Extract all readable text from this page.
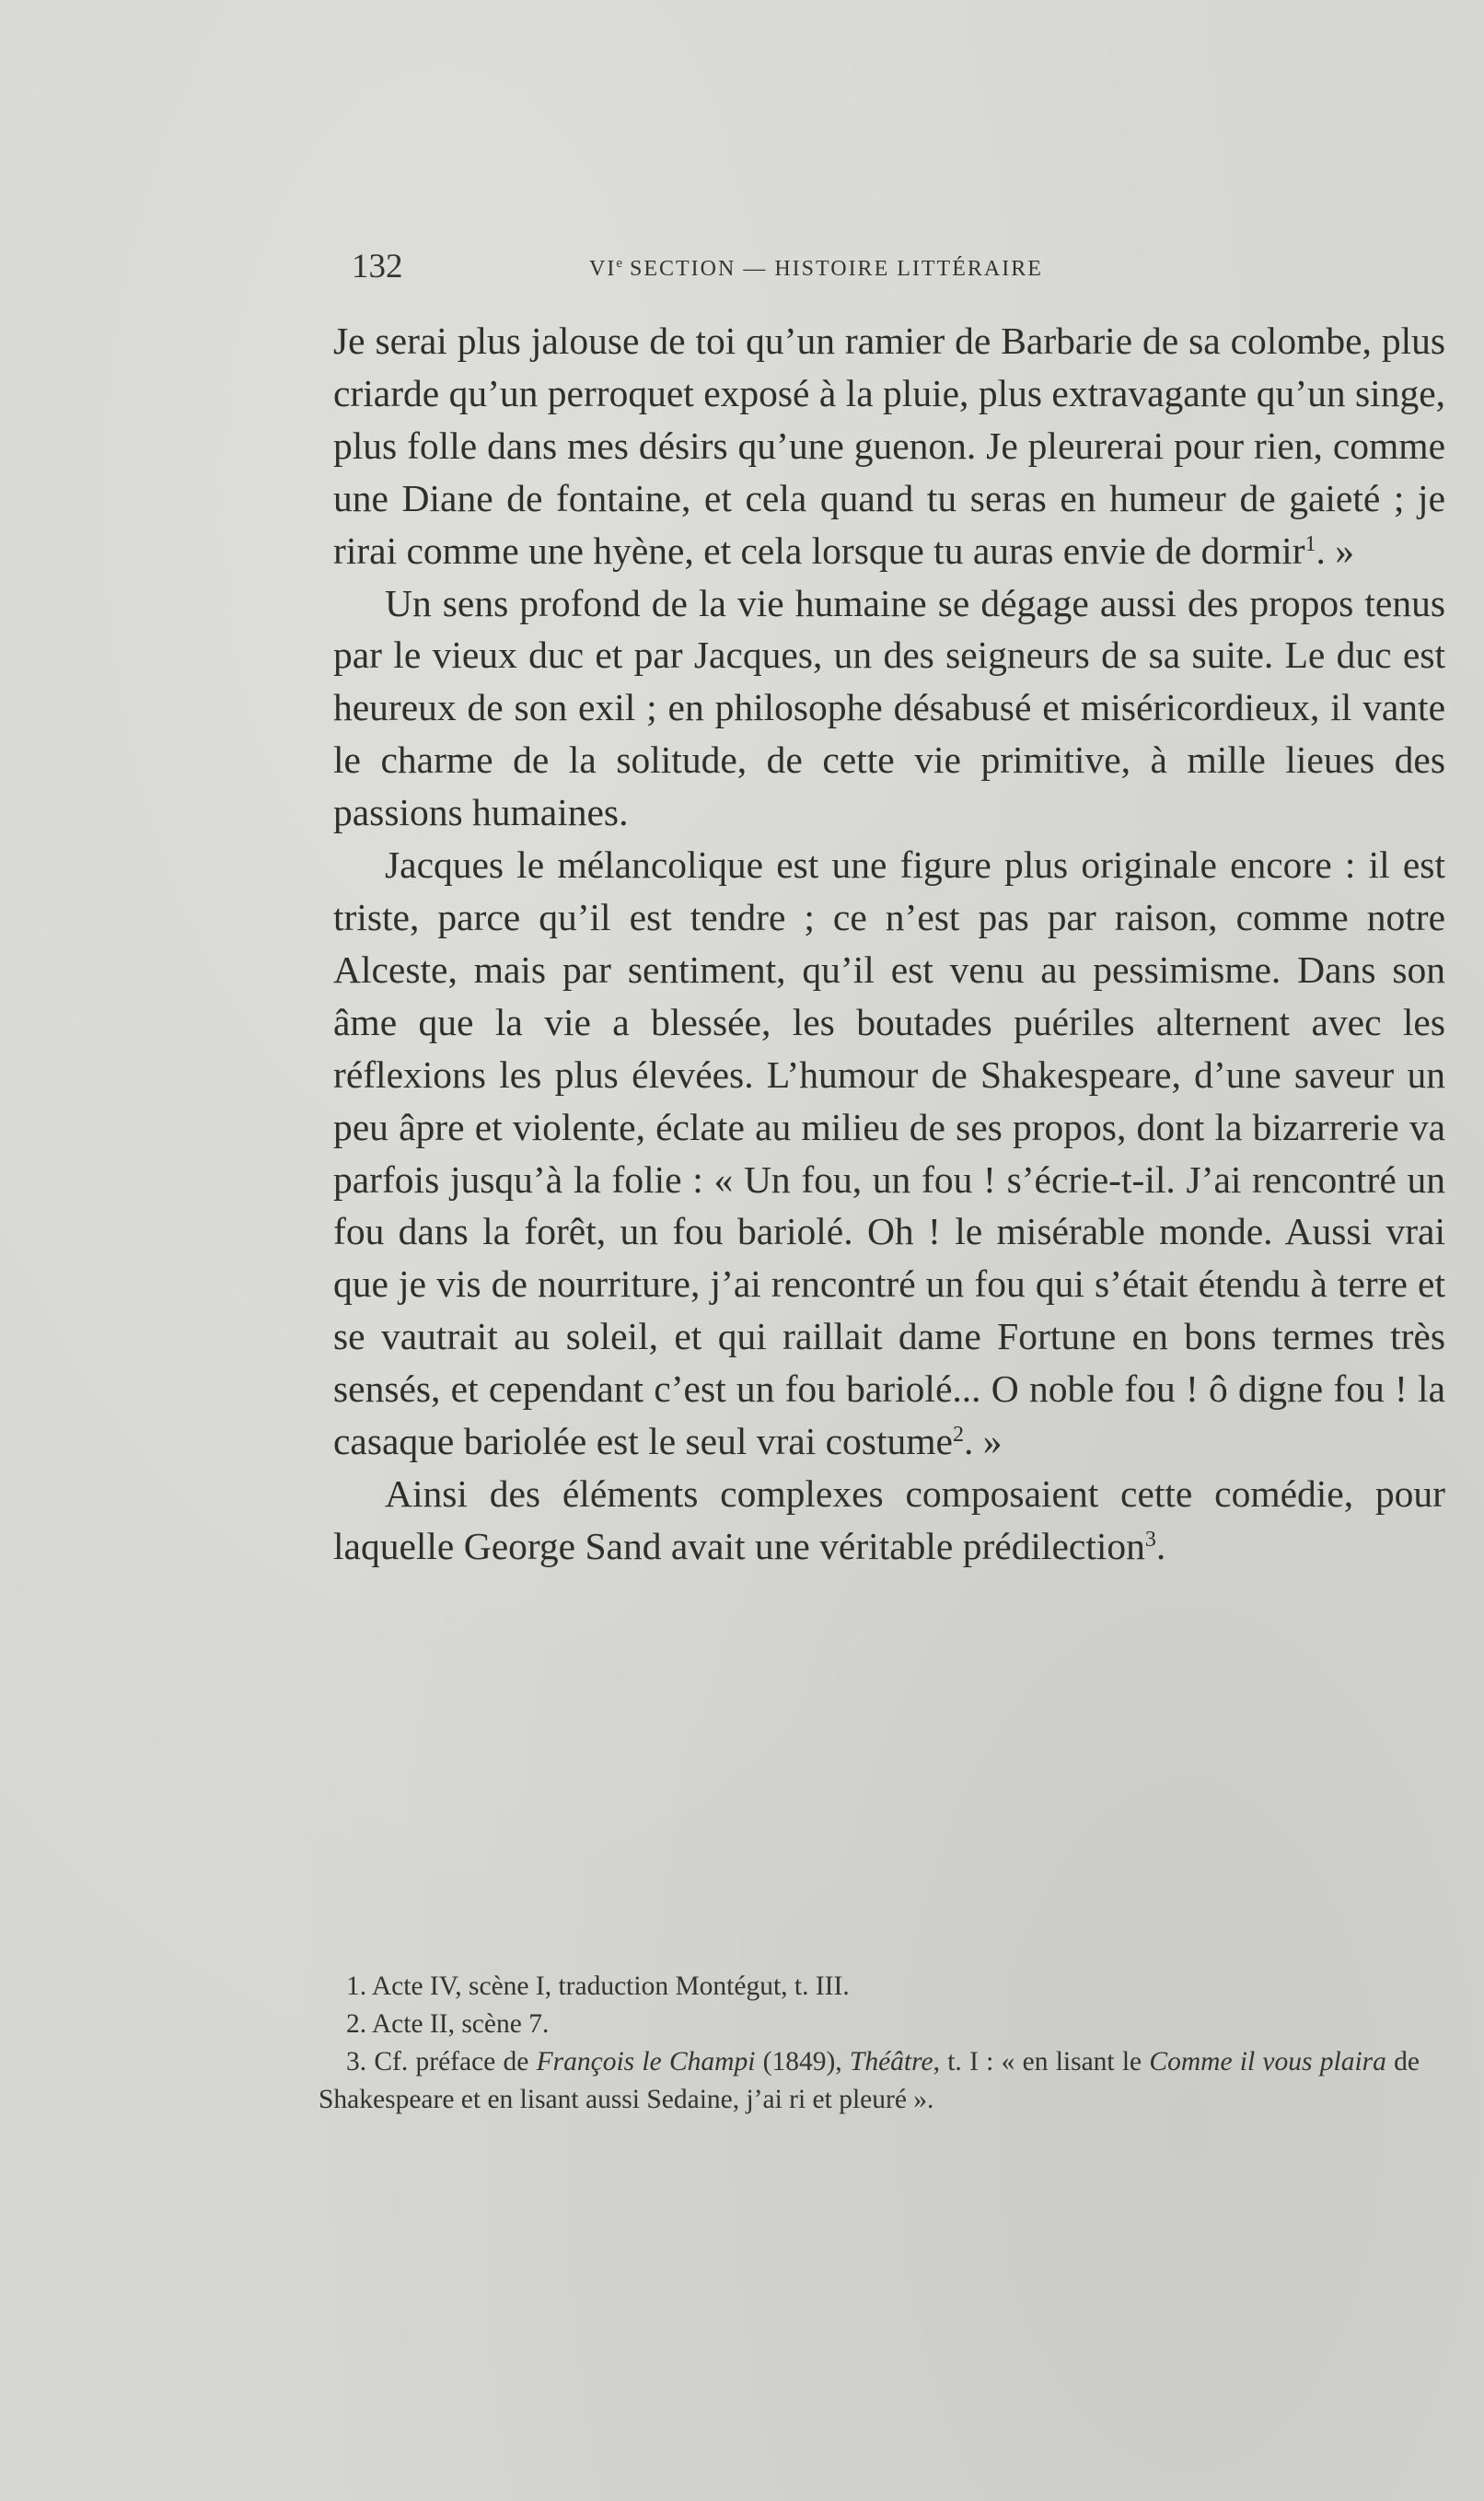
132	VIe SECTION — HISTOIRE LITTÉRAIRE

Je serai plus jalouse de toi qu’un ramier de Barbarie de sa colombe, plus criarde qu’un perroquet exposé à la pluie, plus extravagante qu’un singe, plus folle dans mes désirs qu’une guenon. Je pleurerai pour rien, comme une Diane de fontaine, et cela quand tu seras en humeur de gaieté ; je rirai comme une hyène, et cela lorsque tu auras envie de dormir$^1$. »

Un sens profond de la vie humaine se dégage aussi des propos tenus par le vieux duc et par Jacques, un des seigneurs de sa suite. Le duc est heureux de son exil ; en philosophe désabusé et miséricordieux, il vante le charme de la solitude, de cette vie primitive, à mille lieues des passions humaines.

Jacques le mélancolique est une figure plus originale encore : il est triste, parce qu’il est tendre ; ce n’est pas par raison, comme notre Alceste, mais par sentiment, qu’il est venu au pessimisme. Dans son âme que la vie a blessée, les boutades puériles alternent avec les réflexions les plus élevées. L’humour de Shakespeare, d’une saveur un peu âpre et violente, éclate au milieu de ses propos, dont la bizarrerie va parfois jusqu’à la folie : « Un fou, un fou ! s’écrie-t-il. J’ai rencontré un fou dans la forêt, un fou bariolé. Oh ! le misérable monde. Aussi vrai que je vis de nourriture, j’ai rencontré un fou qui s’était étendu à terre et se vautrait au soleil, et qui raillait dame Fortune en bons termes très sensés, et cependant c’est un fou bariolé... O noble fou ! ô digne fou ! la casaque bariolée est le seul vrai costume$^2$. »

Ainsi des éléments complexes composaient cette comédie, pour laquelle George Sand avait une véritable prédilection$^3$.

1. Acte IV, scène I, traduction Montégut, t. III.

2. Acte II, scène 7.

3. Cf. préface de François le Champi (1849), Théâtre, t. I : « en lisant le Comme il vous plaira de Shakespeare et en lisant aussi Sedaine, j’ai ri et pleuré ».
